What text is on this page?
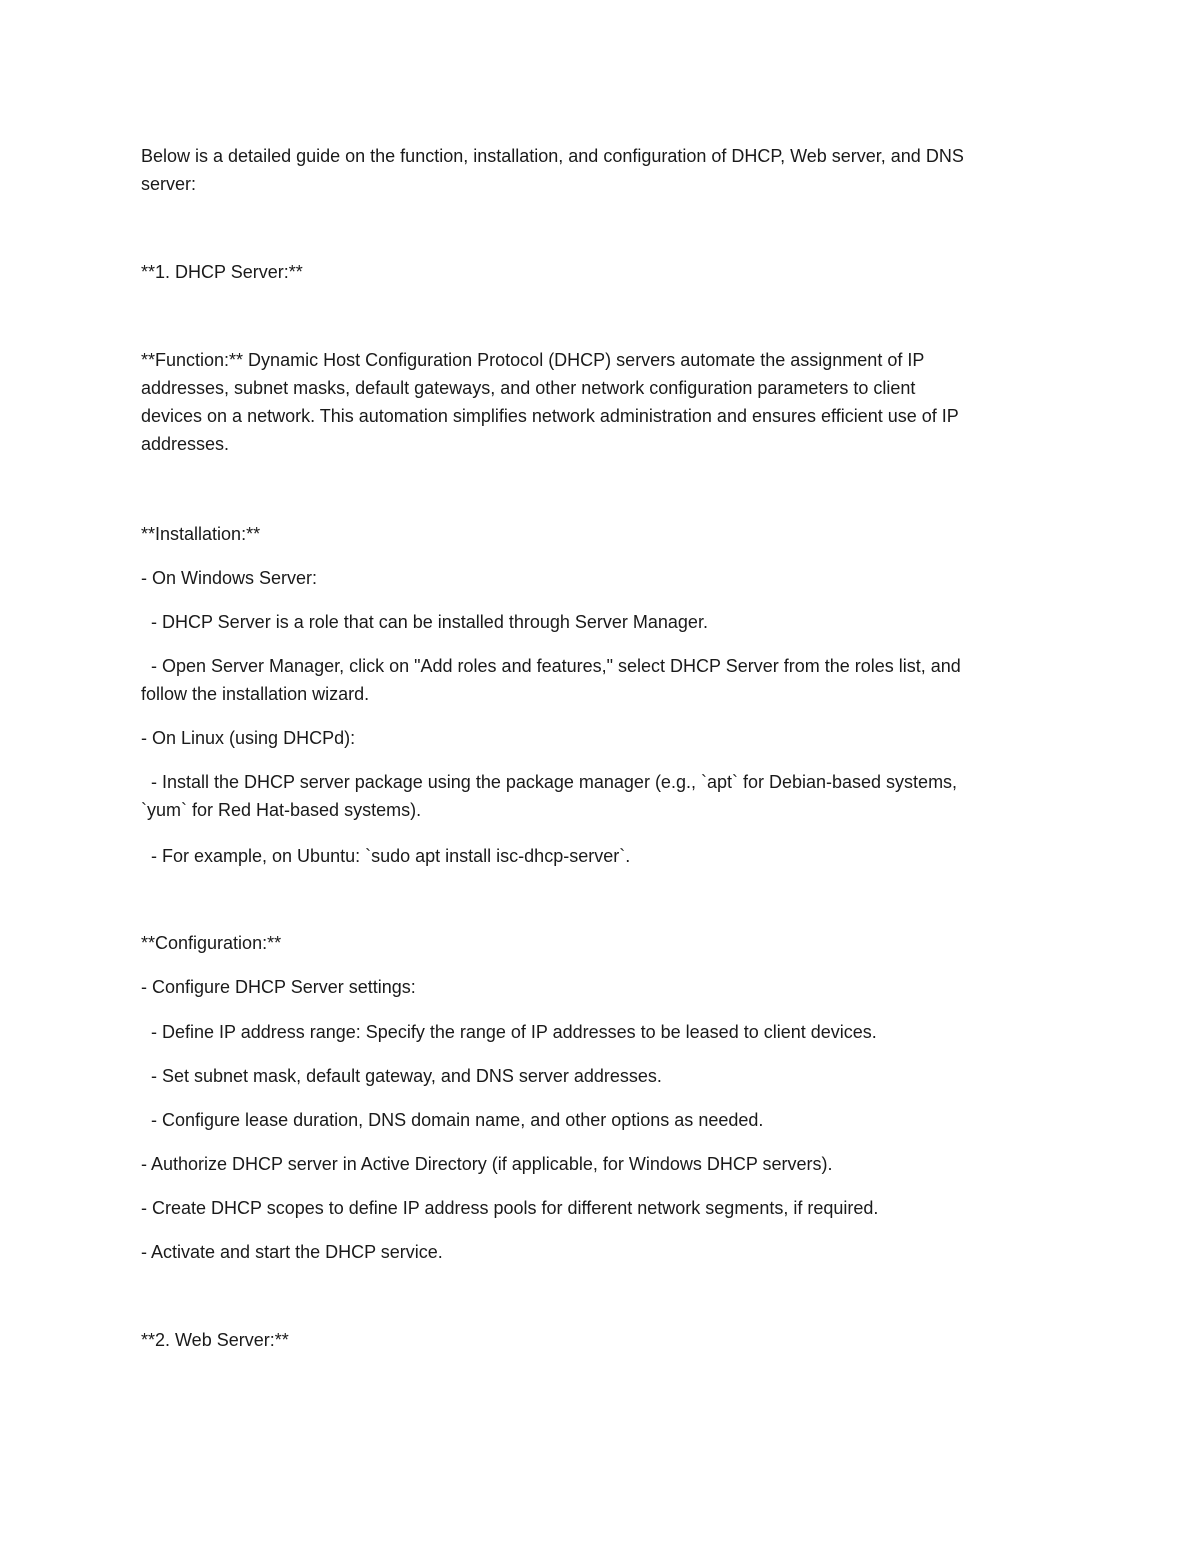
Below is a detailed guide on the function, installation, and configuration of DHCP, Web server, and DNS
server:
**1. DHCP Server:**
**Function:** Dynamic Host Configuration Protocol (DHCP) servers automate the assignment of IP
addresses, subnet masks, default gateways, and other network configuration parameters to client
devices on a network. This automation simplifies network administration and ensures efficient use of IP
addresses.
**Installation:**
- On Windows Server:
- DHCP Server is a role that can be installed through Server Manager.
- Open Server Manager, click on "Add roles and features," select DHCP Server from the roles list, and
follow the installation wizard.
- On Linux (using DHCPd):
- Install the DHCP server package using the package manager (e.g., `apt` for Debian-based systems,
`yum` for Red Hat-based systems).
- For example, on Ubuntu: `sudo apt install isc-dhcp-server`.
**Configuration:**
- Configure DHCP Server settings:
- Define IP address range: Specify the range of IP addresses to be leased to client devices.
- Set subnet mask, default gateway, and DNS server addresses.
- Configure lease duration, DNS domain name, and other options as needed.
- Authorize DHCP server in Active Directory (if applicable, for Windows DHCP servers).
- Create DHCP scopes to define IP address pools for different network segments, if required.
- Activate and start the DHCP service.
**2. Web Server:**
